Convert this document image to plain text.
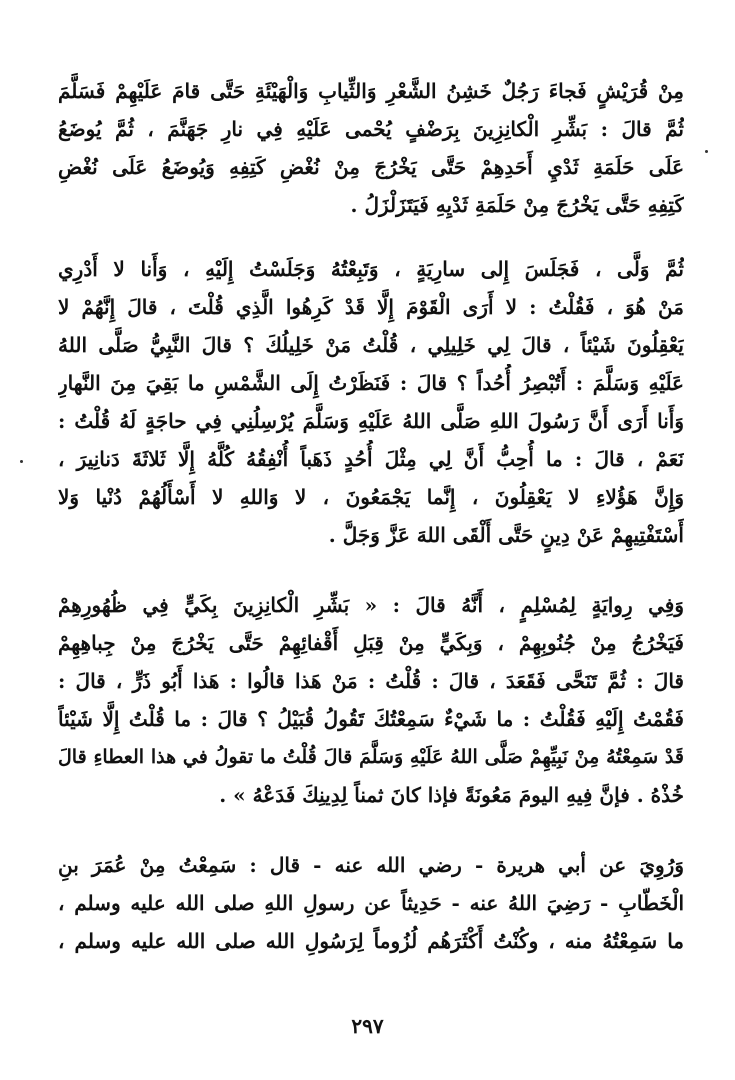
مِنْ قُرَيْشٍ فَجاءَ رَجُلٌ خَشِنُ الشَّعْرِ وَالثِّيابِ وَالْهَيْئَةِ حَتَّى قامَ عَلَيْهِمْ فَسَلَّمَ
ثُمَّ قالَ : بَشِّرِ الْكانِزِينَ بِرَضْفٍ يُحْمى عَلَيْهِ فِي نارِ جَهَنَّمَ ، ثُمَّ يُوضَعُ
عَلَى حَلَمَةِ ثَدْيِ أَحَدِهِمْ حَتَّى يَخْرُجَ مِنْ نُغْضِ كَتِفِهِ وَيُوضَعُ عَلَى نُغْضِ
كَتِفِهِ حَتَّى يَخْرُجَ مِنْ حَلَمَةِ ثَدْيِهِ فَيَتَزَلْزَلُ .
ثُمَّ وَلَّى ، فَجَلَسَ إِلى سارِيَةٍ ، وَتَبِعْتُهُ وَجَلَسْتُ إِلَيْهِ ، وَأَنا لا أَدْرِي
مَنْ هُوَ ، فَقُلْتُ : لا أَرَى الْقَوْمَ إِلَّا قَدْ كَرِهُوا الَّذِي قُلْتَ ، قالَ إِنَّهُمْ لا
يَعْقِلُونَ شَيْئاً ، قالَ لِي خَلِيلِي ، قُلْتُ مَنْ خَلِيلُكَ ؟ قالَ النَّبِيُّ صَلَّى اللهُ
عَلَيْهِ وَسَلَّمَ : أَتُبْصِرُ أُحُداً ؟ قالَ : فَنَظَرْتُ إِلَى الشَّمْسِ ما بَقِيَ مِنَ النَّهارِ
وَأَنا أَرَى أَنَّ رَسُولَ اللهِ صَلَّى اللهُ عَلَيْهِ وَسَلَّمَ يُرْسِلُنِي فِي حاجَةٍ لَهُ قُلْتُ :
نَعَمْ ، قالَ : ما أُحِبُّ أَنَّ لِي مِثْلَ أُحُدٍ ذَهَباً أُنْفِقُهُ كُلَّهُ إِلَّا ثَلاثَةَ دَنانِيرَ ،
وَإِنَّ هَؤُلاءِ لا يَعْقِلُونَ ، إِنَّما يَجْمَعُونَ ، لا وَاللهِ لا أَسْأَلُهُمْ دُنْيا وَلا
أَسْتَفْتِيهِمْ عَنْ دِينٍ حَتَّى أَلْقَى اللهَ عَزَّ وَجَلَّ .
وَفِي رِوايَةٍ لِمُسْلِمٍ ، أَنَّهُ قالَ : « بَشِّرِ الْكانِزِينَ بِكَيٍّ فِي ظُهُورِهِمْ
فَيَخْرُجُ مِنْ جُنُوبِهِمْ ، وَبِكَيٍّ مِنْ قِبَلِ أَقْفائِهِمْ حَتَّى يَخْرُجَ مِنْ جِباهِهِمْ
قالَ : ثُمَّ تَنَحَّى فَقَعَدَ ، قالَ : قُلْتُ : مَنْ هَذا قالُوا : هَذا أَبُو ذَرٍّ ، قالَ :
فَقُمْتُ إِلَيْهِ فَقُلْتُ : ما شَيْءٌ سَمِعْتُكَ تَقُولُ قُبَيْلُ ؟ قالَ : ما قُلْتُ إِلَّا شَيْئاً
قَدْ سَمِعْتُهُ مِنْ نَبِيِّهِمْ صَلَّى اللهُ عَلَيْهِ وَسَلَّمَ قالَ قُلْتُ ما تقولُ في هذا العطاءِ قالَ
خُذْهُ . فإنَّ فِيهِ اليومَ مَعُونَةً فإذا كانَ ثمناً لِدِينِكَ فَدَعْهُ » .
وَرُوِيَ عن أبي هريرة - رضي الله عنه - قال : سَمِعْتُ مِنْ عُمَرَ بنِ
الْخَطّابِ - رَضِيَ اللهُ عنه - حَدِيثاً عن رسولِ اللهِ صلى الله عليه وسلم ،
ما سَمِعْتُهُ منه ، وكُنْتُ أَكْثَرَهُم لُزُوماً لِرَسُولِ الله صلى الله عليه وسلم ،
٢٩٧
